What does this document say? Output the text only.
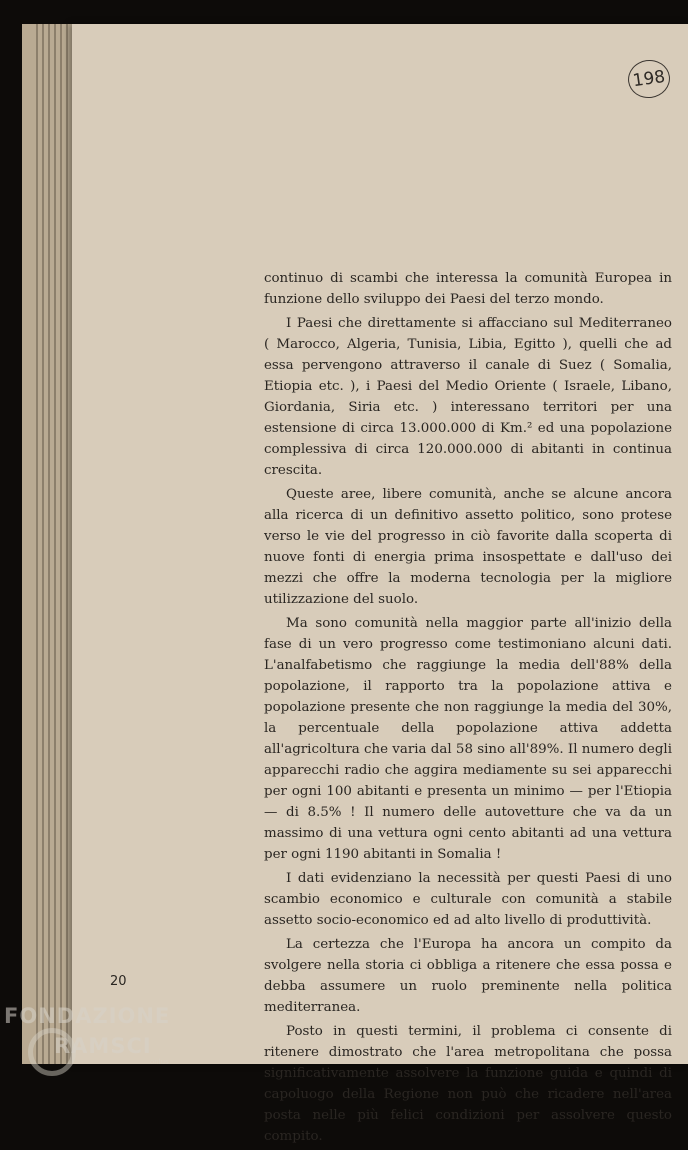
198

continuo di scambi che interessa la comunità Europea in funzione dello sviluppo dei Paesi del terzo mondo.

I Paesi che direttamente si affacciano sul Mediterraneo ( Marocco, Algeria, Tunisia, Libia, Egitto ), quelli che ad essa pervengono attraverso il canale di Suez ( Somalia, Etiopia etc. ), i Paesi del Medio Oriente ( Israele, Libano, Giordania, Siria etc. ) interessano territori per una estensione di circa 13.000.000 di Km.² ed una popolazione complessiva di circa 120.000.000 di abitanti in continua crescita.

Queste aree, libere comunità, anche se alcune ancora alla ricerca di un definitivo assetto politico, sono protese verso le vie del progresso in ciò favorite dalla scoperta di nuove fonti di energia prima insospettate e dall'uso dei mezzi che offre la moderna tecnologia per la migliore utilizzazione del suolo.

Ma sono comunità nella maggior parte all'inizio della fase di un vero progresso come testimoniano alcuni dati. L'analfabetismo che raggiunge la media dell'88% della popolazione, il rapporto tra la popolazione attiva e popolazione presente che non raggiunge la media del 30%, la percentuale della popolazione attiva addetta all'agricoltura che varia dal 58 sino all'89%. Il numero degli apparecchi radio che aggira mediamente su sei apparecchi per ogni 100 abitanti e presenta un minimo — per l'Etiopia — di 8.5% ! Il numero delle autovetture che va da un massimo di una vettura ogni cento abitanti ad una vettura per ogni 1190 abitanti in Somalia !

I dati evidenziano la necessità per questi Paesi di uno scambio economico e culturale con comunità a stabile assetto socio-economico ed ad alto livello di produttività.

La certezza che l'Europa ha ancora un compito da svolgere nella storia ci obbliga a ritenere che essa possa e debba assumere un ruolo preminente nella politica mediterranea.

Posto in questi termini, il problema ci consente di ritenere dimostrato che l'area metropolitana che possa significativamente assolvere la funzione guida e quindi di capoluogo della Regione non può che ricadere nell'area posta nelle più felici condizioni per assolvere questo compito.

20
FONDAZIONE
RAMSCI
onlus
